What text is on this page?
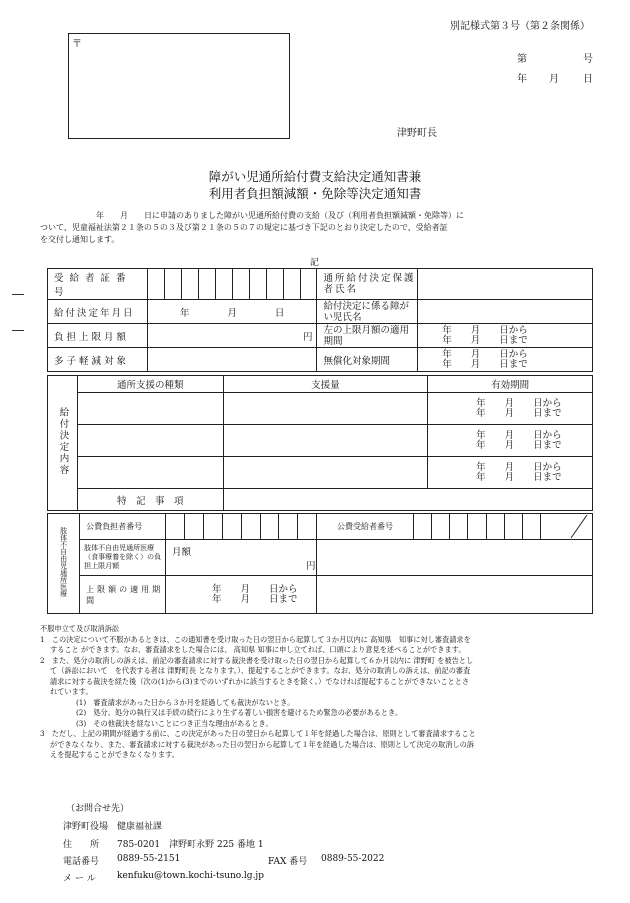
別記様式第３号（第２条関係）
〒
第	号
年 月 日
津野町長
障がい児通所給付費支給決定通知書兼
利用者負担額減額・免除等決定通知書
年　　月　　日に申請のありました障がい児通所給付費の支給（及び（利用者負担額減額・免除等）に
ついて、児童福祉法第２１条の５の３及び第２１条の５の７の規定に基づき下記のとおり決定したので、受給者証
を交付し通知します。
記
受給者証番号											通所給付決定保護者氏名	
給付決定年月日	年　　　　 月　　　　 日										給付決定に係る障がい児氏名	
負担上限月額	円										左の上限月額の適用期間	年　　月　　日から
年　　月　　日まで

多子軽減対象											無償化対象期間	年　　月　　日から
年　　月　　日まで
給付決定内容	通所支援の種類	支援量	有効期間

			年　　月　　日から
年　　月　　日まで

			年　　月　　日から
年　　月　　日まで

			年　　月　　日から
年　　月　　日まで

	特　記　事　項		
肢体不自由児通所医療	公費負担者番号									公費受給者番号								

	肢体不自由児通所医療（食事療養を除く）の負担上限月額	月額円																
	上限額の適用期間	年　　月　　日から
年　　月　　日まで																

不服申立て及び取消訴訟

1　この決定について不服があるときは、この通知書を受け取った日の翌日から起算して３か月以内に 高知県　知事に対し審査請求を

すること ができます。なお、審査請求をした場合には、 高知県 知事に申し立てれば、口頭により意見を述べることができます。

2　また、処分の取消しの訴えは、前記の審査請求に対する裁決書を受け取った日の翌日から起算して６か月以内に 津野町 を被告とし

て（訴訟において　を代表する者は 津野町長 となります。）、提起することができます。なお、処分の取消しの訴えは、前記の審査

請求に対する裁決を経た後（次の(1)から(3)までのいずれかに該当するときを除く。）でなければ提起することができないこととさ

れています。

(1)　審査請求があった日から３か月を経過しても裁決がないとき。

(2)　処分、処分の執行又は手続の続行により生ずる著しい損害を避けるため緊急の必要があるとき。

(3)　その他裁決を経ないことにつき正当な理由があるとき。

3　ただし、上記の期間が経過する前に、この決定があった日の翌日から起算して１年を経過した場合は、原則として審査請求すること

ができなくなり、また、審査請求に対する裁決があった日の翌日から起算して１年を経過した場合は、原則として決定の取消しの訴

えを提起することができなくなります。

（お問合せ先）
津野町役場　健康福祉課
住　　所 785-0201　津野町永野 225 番地 1
電話番号 0889-55-2151	FAX 番号 0889-55-2022
メ ー ル kenfuku@town.kochi-tsuno.lg.jp
